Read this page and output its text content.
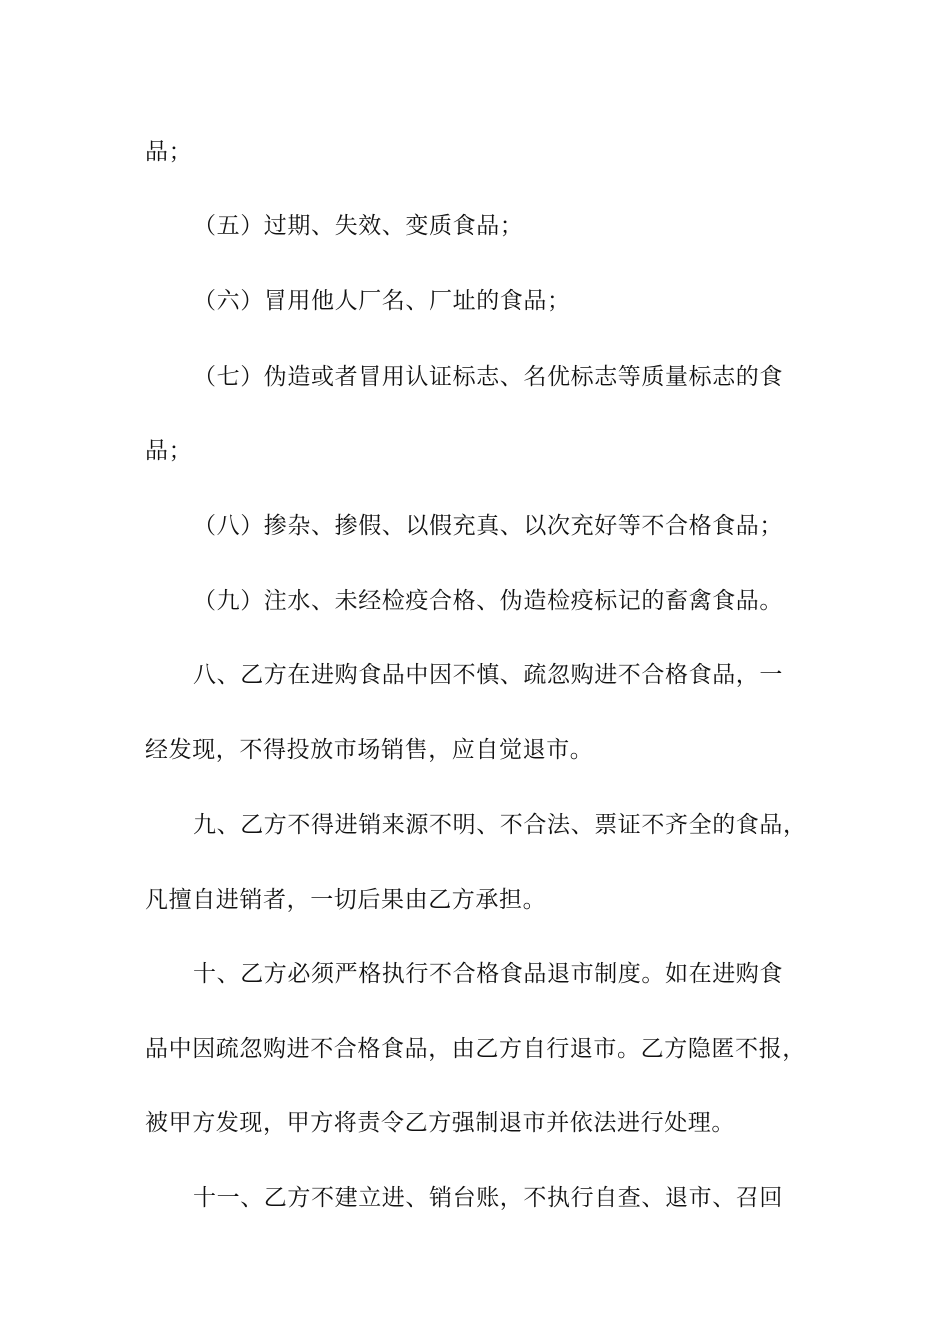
品；
（五）过期、失效、变质食品；
（六）冒用他人厂名、厂址的食品；
（七）伪造或者冒用认证标志、名优标志等质量标志的食
品；
（八）掺杂、掺假、以假充真、以次充好等不合格食品；
（九）注水、未经检疫合格、伪造检疫标记的畜禽食品。
八、乙方在进购食品中因不慎、疏忽购进不合格食品，一
经发现，不得投放市场销售，应自觉退市。
九、乙方不得进销来源不明、不合法、票证不齐全的食品，
凡擅自进销者，一切后果由乙方承担。
十、乙方必须严格执行不合格食品退市制度。如在进购食
品中因疏忽购进不合格食品，由乙方自行退市。乙方隐匿不报，
被甲方发现，甲方将责令乙方强制退市并依法进行处理。
十一、乙方不建立进、销台账，不执行自查、退市、召回
